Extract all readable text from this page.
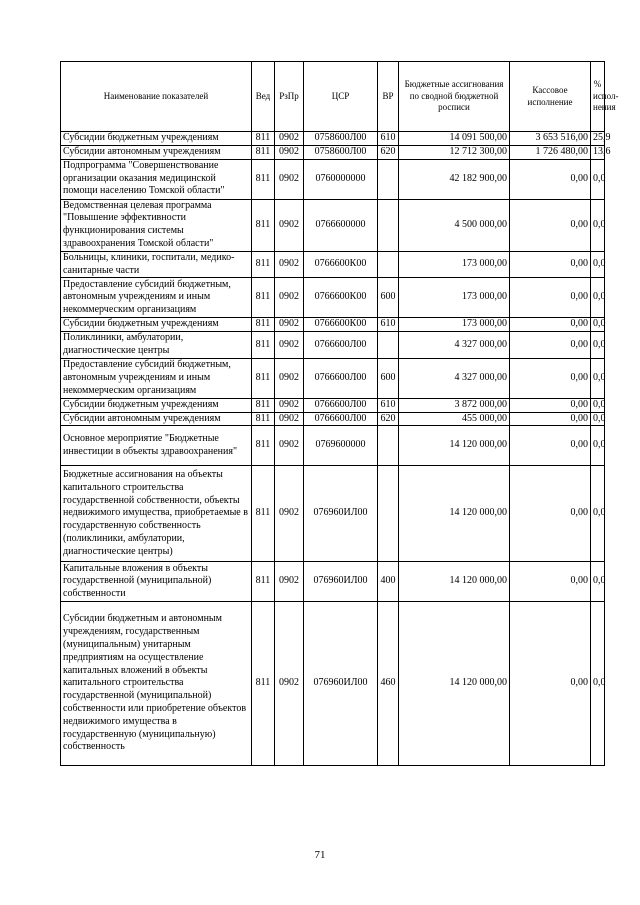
Наименование показателей	Вед	РзПр	ЦСР	ВР	Бюджетные ассигнования по сводной бюджетной росписи	Кассовое исполнение	% испол- нения
Субсидии бюджетным учреждениям	811	0902	0758600Л00	610	14 091 500,00	3 653 516,00	25,9
Субсидии автономным учреждениям	811	0902	0758600Л00	620	12 712 300,00	1 726 480,00	13,6
Подпрограмма "Совершенствование организации оказания медицинской помощи населению Томской области"	811	0902	0760000000		42 182 900,00	0,00	0,0
Ведомственная целевая программа "Повышение эффективности функционирования системы здравоохранения Томской области"	811	0902	0766600000		4 500 000,00	0,00	0,0
Больницы, клиники, госпитали, медико-санитарные части	811	0902	0766600К00		173 000,00	0,00	0,0
Предоставление субсидий бюджетным, автономным учреждениям и иным некоммерческим организациям	811	0902	0766600К00	600	173 000,00	0,00	0,0
Субсидии бюджетным учреждениям	811	0902	0766600К00	610	173 000,00	0,00	0,0
Поликлиники, амбулатории, диагностические центры	811	0902	0766600Л00		4 327 000,00	0,00	0,0
Предоставление субсидий бюджетным, автономным учреждениям и иным некоммерческим организациям	811	0902	0766600Л00	600	4 327 000,00	0,00	0,0
Субсидии бюджетным учреждениям	811	0902	0766600Л00	610	3 872 000,00	0,00	0,0
Субсидии автономным учреждениям	811	0902	0766600Л00	620	455 000,00	0,00	0,0
Основное мероприятие "Бюджетные инвестиции в объекты здравоохранения"	811	0902	0769600000		14 120 000,00	0,00	0,0
Бюджетные ассигнования на объекты капитального строительства государственной собственности, объекты недвижимого имущества, приобретаемые в государственную собственность (поликлиники, амбулатории, диагностические центры)	811	0902	076960ИЛ00		14 120 000,00	0,00	0,0
Капитальные вложения в объекты государственной (муниципальной) собственности	811	0902	076960ИЛ00	400	14 120 000,00	0,00	0,0
Субсидии бюджетным и автономным учреждениям, государственным (муниципальным) унитарным предприятиям на осуществление капитальных вложений в объекты капитального строительства государственной (муниципальной) собственности или приобретение объектов недвижимого имущества в государственную (муниципальную) собственность	811	0902	076960ИЛ00	460	14 120 000,00	0,00	0,0
71
